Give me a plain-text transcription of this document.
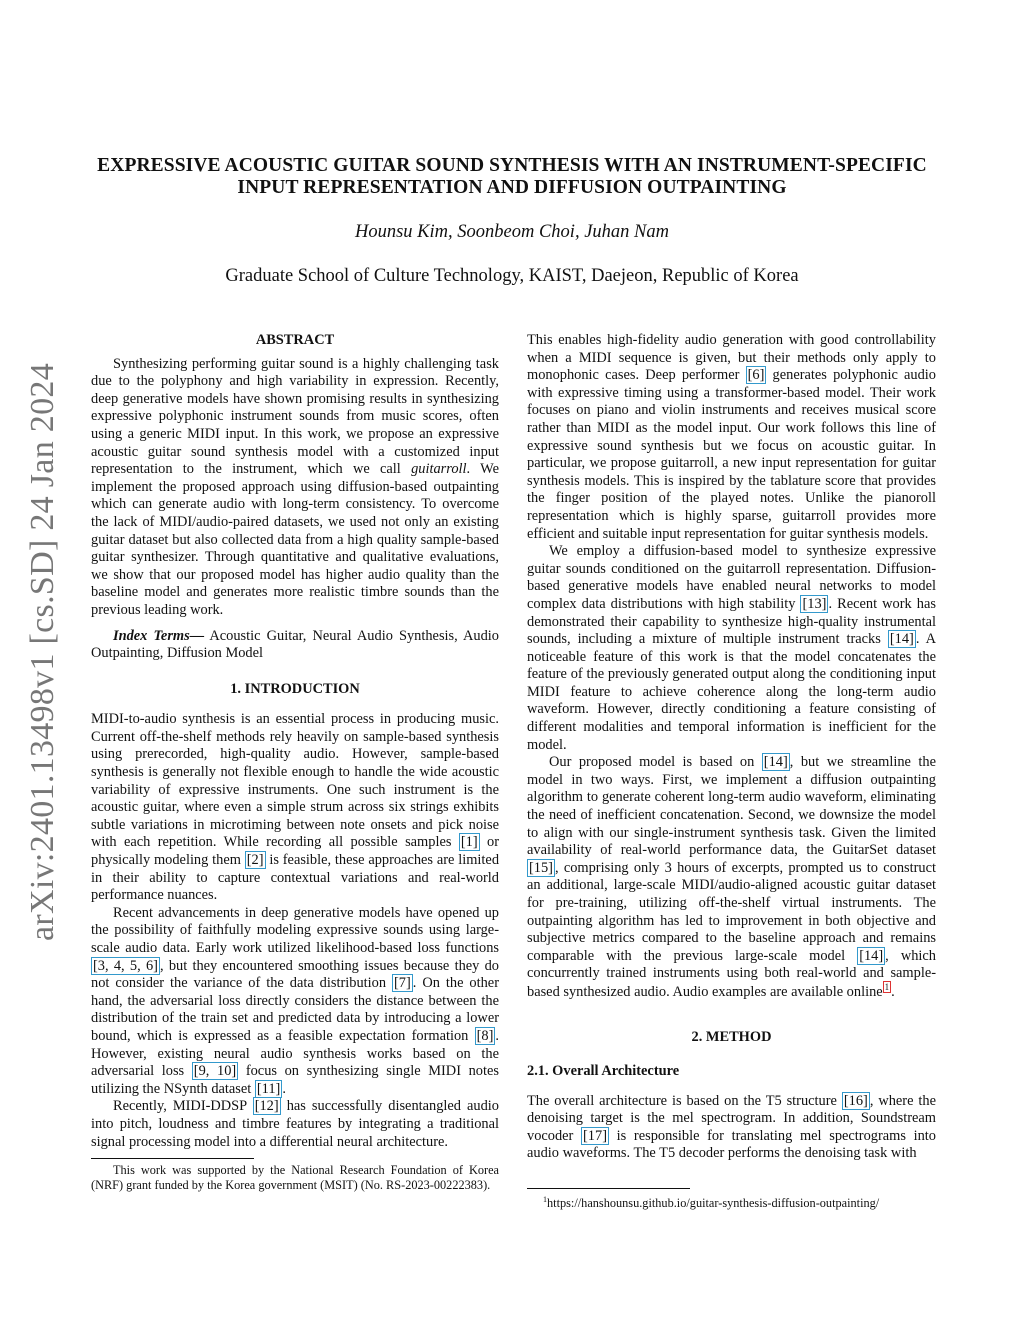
arXiv:2401.13498v1 [cs.SD] 24 Jan 2024
EXPRESSIVE ACOUSTIC GUITAR SOUND SYNTHESIS WITH AN INSTRUMENT-SPECIFIC
INPUT REPRESENTATION AND DIFFUSION OUTPAINTING
Hounsu Kim, Soonbeom Choi, Juhan Nam
Graduate School of Culture Technology, KAIST, Daejeon, Republic of Korea
ABSTRACT

Synthesizing performing guitar sound is a highly challenging task due to the polyphony and high variability in expression. Recently, deep generative models have shown promising results in synthesizing expressive polyphonic instrument sounds from music scores, often using a generic MIDI input. In this work, we propose an expressive acoustic guitar sound synthesis model with a customized input representation to the instrument, which we call guitarroll. We implement the proposed approach using diffusion-based outpainting which can generate audio with long-term consistency. To overcome the lack of MIDI/audio-paired datasets, we used not only an existing guitar dataset but also collected data from a high quality sample-based guitar synthesizer. Through quantitative and qualitative evaluations, we show that our proposed model has higher audio quality than the baseline model and generates more realistic timbre sounds than the previous leading work.

Index Terms— Acoustic Guitar, Neural Audio Synthesis, Audio Outpainting, Diffusion Model

1. INTRODUCTION

MIDI-to-audio synthesis is an essential process in producing music. Current off-the-shelf methods rely heavily on sample-based synthesis using prerecorded, high-quality audio. However, sample-based synthesis is generally not flexible enough to handle the wide acoustic variability of expressive instruments. One such instrument is the acoustic guitar, where even a simple strum across six strings exhibits subtle variations in microtiming between note onsets and pick noise with each repetition. While recording all possible samples [1] or physically modeling them [2] is feasible, these approaches are limited in their ability to capture contextual variations and real-world performance nuances.

Recent advancements in deep generative models have opened up the possibility of faithfully modeling expressive sounds using large-scale audio data. Early work utilized likelihood-based loss functions [3, 4, 5, 6] , but they encountered smoothing issues because they do not consider the variance of the data distribution [7] . On the other hand, the adversarial loss directly considers the distance between the distribution of the train set and predicted data by introducing a lower bound, which is expressed as a feasible expectation formation [8] . However, existing neural audio synthesis works based on the adversarial loss [9, 10] focus on synthesizing single MIDI notes utilizing the NSynth dataset [11] .

Recently, MIDI-DDSP [12] has successfully disentangled audio into pitch, loudness and timbre features by integrating a traditional signal processing model into a differential neural architecture.

This work was supported by the National Research Foundation of Korea (NRF) grant funded by the Korea government (MSIT) (No. RS-2023-00222383).

This enables high-fidelity audio generation with good controllability when a MIDI sequence is given, but their methods only apply to monophonic cases. Deep performer [6] generates polyphonic audio with expressive timing using a transformer-based model. Their work focuses on piano and violin instruments and receives musical score rather than MIDI as the model input. Our work follows this line of expressive sound synthesis but we focus on acoustic guitar. In particular, we propose guitarroll, a new input representation for guitar synthesis models. This is inspired by the tablature score that provides the finger position of the played notes. Unlike the pianoroll representation which is highly sparse, guitarroll provides more efficient and suitable input representation for guitar synthesis models.

We employ a diffusion-based model to synthesize expressive guitar sounds conditioned on the guitarroll representation. Diffusion-based generative models have enabled neural networks to model complex data distributions with high stability [13] . Recent work has demonstrated their capability to synthesize high-quality instrumental sounds, including a mixture of multiple instrument tracks [14] . A noticeable feature of this work is that the model concatenates the feature of the previously generated output along the conditioning input MIDI feature to achieve coherence along the long-term audio waveform. However, directly conditioning a feature consisting of different modalities and temporal information is inefficient for the model.

Our proposed model is based on [14] , but we streamline the model in two ways. First, we implement a diffusion outpainting algorithm to generate coherent long-term audio waveform, eliminating the need of inefficient concatenation. Second, we downsize the model to align with our single-instrument synthesis task. Given the limited availability of real-world performance data, the GuitarSet dataset [15] , comprising only 3 hours of excerpts, prompted us to construct an additional, large-scale MIDI/audio-aligned acoustic guitar dataset for pre-training, utilizing off-the-shelf virtual instruments. The outpainting algorithm has led to improvement in both objective and subjective metrics compared to the baseline approach and remains comparable with the previous large-scale model [14] , which concurrently trained instruments using both real-world and sample-based synthesized audio. Audio examples are available online $^1$ .

2. METHOD
2.1. Overall Architecture

The overall architecture is based on the T5 structure [16] , where the denoising target is the mel spectrogram. In addition, Soundstream vocoder [17] is responsible for translating mel spectrograms into audio waveforms. The T5 decoder performs the denoising task with

$^1$https://hanshounsu.github.io/guitar-synthesis-diffusion-outpainting/
